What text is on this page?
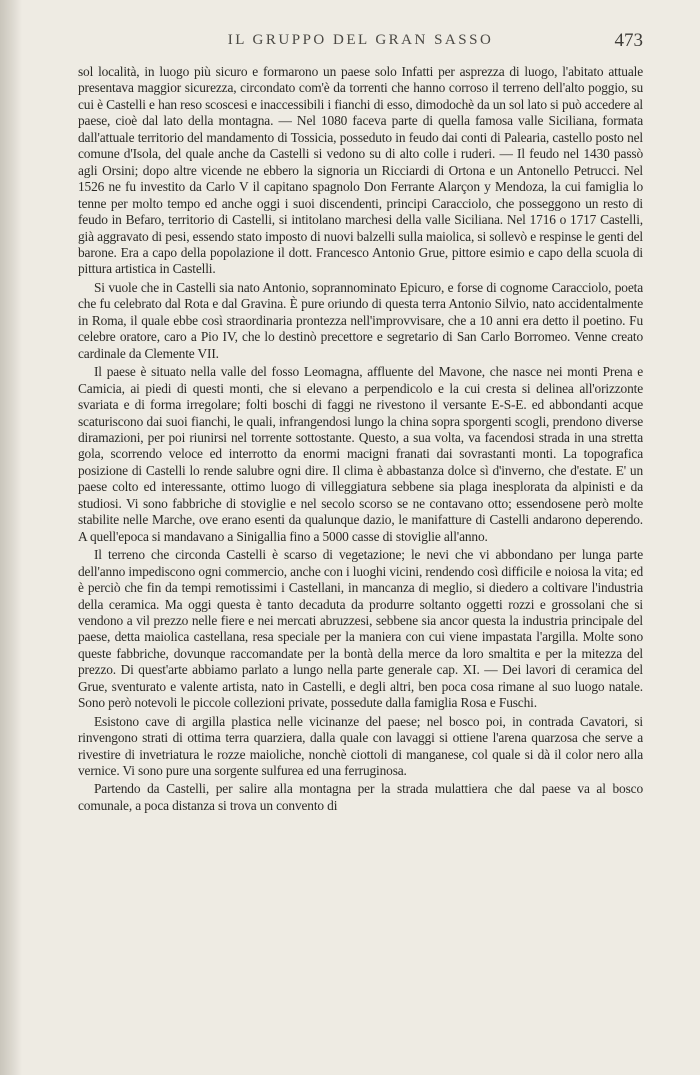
IL GRUPPO DEL GRAN SASSO	473

sol località, in luogo più sicuro e formarono un paese solo Infatti per asprezza di luogo, l'abitato attuale presentava maggior sicurezza, circondato com'è da torrenti che hanno corroso il terreno dell'alto poggio, su cui è Castelli e han reso scoscesi e inaccessibili i fianchi di esso, dimodochè da un sol lato si può accedere al paese, cioè dal lato della montagna. — Nel 1080 faceva parte di quella famosa valle Siciliana, formata dall'attuale territorio del mandamento di Tossicia, posseduto in feudo dai conti di Palearia, castello posto nel comune d'Isola, del quale anche da Castelli si vedono su di alto colle i ruderi. — Il feudo nel 1430 passò agli Orsini; dopo altre vicende ne ebbero la signoria un Ricciardi di Ortona e un Antonello Petrucci. Nel 1526 ne fu investito da Carlo V il capitano spagnolo Don Ferrante Alarçon y Mendoza, la cui famiglia lo tenne per molto tempo ed anche oggi i suoi discendenti, principi Caracciolo, che posseggono un resto di feudo in Befaro, territorio di Castelli, si intitolano marchesi della valle Siciliana. Nel 1716 o 1717 Castelli, già aggravato di pesi, essendo stato imposto di nuovi balzelli sulla maiolica, si sollevò e respinse le genti del barone. Era a capo della popolazione il dott. Francesco Antonio Grue, pittore esimio e capo della scuola di pittura artistica in Castelli.

Si vuole che in Castelli sia nato Antonio, soprannominato Epicuro, e forse di cognome Caracciolo, poeta che fu celebrato dal Rota e dal Gravina. È pure oriundo di questa terra Antonio Silvio, nato accidentalmente in Roma, il quale ebbe così straordinaria prontezza nell'improvvisare, che a 10 anni era detto il poetino. Fu celebre oratore, caro a Pio IV, che lo destinò precettore e segretario di San Carlo Borromeo. Venne creato cardinale da Clemente VII.

Il paese è situato nella valle del fosso Leomagna, affluente del Mavone, che nasce nei monti Prena e Camicia, ai piedi di questi monti, che si elevano a perpendicolo e la cui cresta si delinea all'orizzonte svariata e di forma irregolare; folti boschi di faggi ne rivestono il versante E-S-E. ed abbondanti acque scaturiscono dai suoi fianchi, le quali, infrangendosi lungo la china sopra sporgenti scogli, prendono diverse diramazioni, per poi riunirsi nel torrente sottostante. Questo, a sua volta, va facendosi strada in una stretta gola, scorrendo veloce ed interrotto da enormi macigni franati dai sovrastanti monti. La topografica posizione di Castelli lo rende salubre ogni dire. Il clima è abbastanza dolce sì d'inverno, che d'estate. E' un paese colto ed interessante, ottimo luogo di villeggiatura sebbene sia plaga inesplorata da alpinisti e da studiosi. Vi sono fabbriche di stoviglie e nel secolo scorso se ne contavano otto; essendosene però molte stabilite nelle Marche, ove erano esenti da qualunque dazio, le manifatture di Castelli andarono deperendo. A quell'epoca si mandavano a Sinigallia fino a 5000 casse di stoviglie all'anno.

Il terreno che circonda Castelli è scarso di vegetazione; le nevi che vi abbondano per lunga parte dell'anno impediscono ogni commercio, anche con i luoghi vicini, rendendo così difficile e noiosa la vita; ed è perciò che fin da tempi remotissimi i Castellani, in mancanza di meglio, si diedero a coltivare l'industria della ceramica. Ma oggi questa è tanto decaduta da produrre soltanto oggetti rozzi e grossolani che si vendono a vil prezzo nelle fiere e nei mercati abruzzesi, sebbene sia ancor questa la industria principale del paese, detta maiolica castellana, resa speciale per la maniera con cui viene impastata l'argilla. Molte sono queste fabbriche, dovunque raccomandate per la bontà della merce da loro smaltita e per la mitezza del prezzo. Di quest'arte abbiamo parlato a lungo nella parte generale cap. XI. — Dei lavori di ceramica del Grue, sventurato e valente artista, nato in Castelli, e degli altri, ben poca cosa rimane al suo luogo natale. Sono però notevoli le piccole collezioni private, possedute dalla famiglia Rosa e Fuschi.

Esistono cave di argilla plastica nelle vicinanze del paese; nel bosco poi, in contrada Cavatori, si rinvengono strati di ottima terra quarziera, dalla quale con lavaggi si ottiene l'arena quarzosa che serve a rivestire di invetriatura le rozze maioliche, nonchè ciottoli di manganese, col quale si dà il color nero alla vernice. Vi sono pure una sorgente sulfurea ed una ferruginosa.

Partendo da Castelli, per salire alla montagna per la strada mulattiera che dal paese va al bosco comunale, a poca distanza si trova un convento di
